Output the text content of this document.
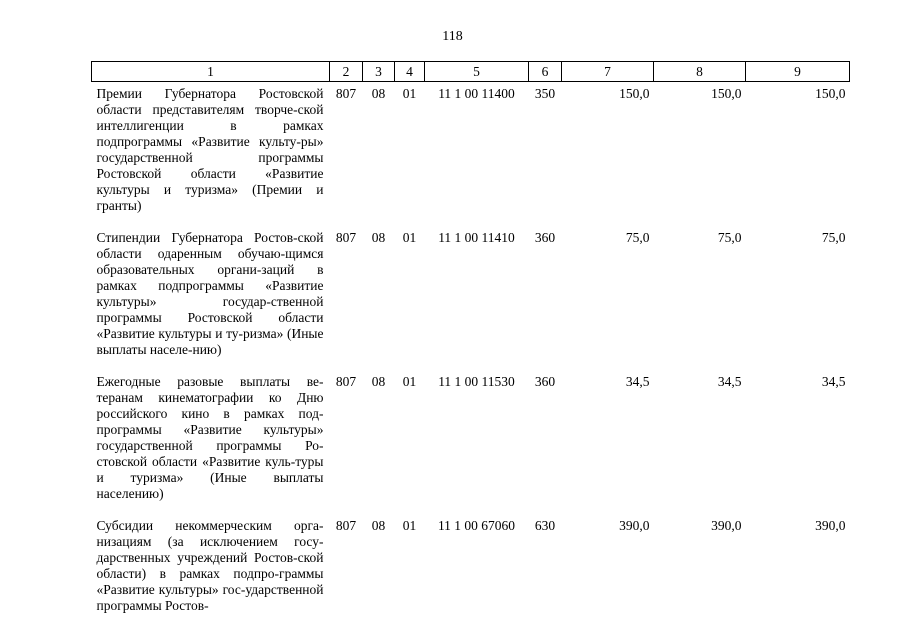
118
1	2	3	4	5	6	7	8	9
Премии Губернатора Ростовской области представителям творче-ской интеллигенции в рамках подпрограммы «Развитие культу-ры» государственной программы Ростовской области «Развитие культуры и туризма» (Премии и гранты)	807	08	01	11 1 00 11400	350	150,0	150,0	150,0
Стипендии Губернатора Ростов-ской области одаренным обучаю-щимся образовательных органи-заций в рамках подпрограммы «Развитие культуры» государ-ственной программы Ростовской области «Развитие культуры и ту-ризма» (Иные выплаты населе-нию)	807	08	01	11 1 00 11410	360	75,0	75,0	75,0
Ежегодные разовые выплаты ве-теранам кинематографии ко Дню российского кино в рамках под-программы «Развитие культуры» государственной программы Ро-стовской области «Развитие куль-туры и туризма» (Иные выплаты населению)	807	08	01	11 1 00 11530	360	34,5	34,5	34,5
Субсидии некоммерческим орга-низациям (за исключением госу-дарственных учреждений Ростов-ской области) в рамках подпро-граммы «Развитие культуры» гос-ударственной программы Ростов-	807	08	01	11 1 00 67060	630	390,0	390,0	390,0
